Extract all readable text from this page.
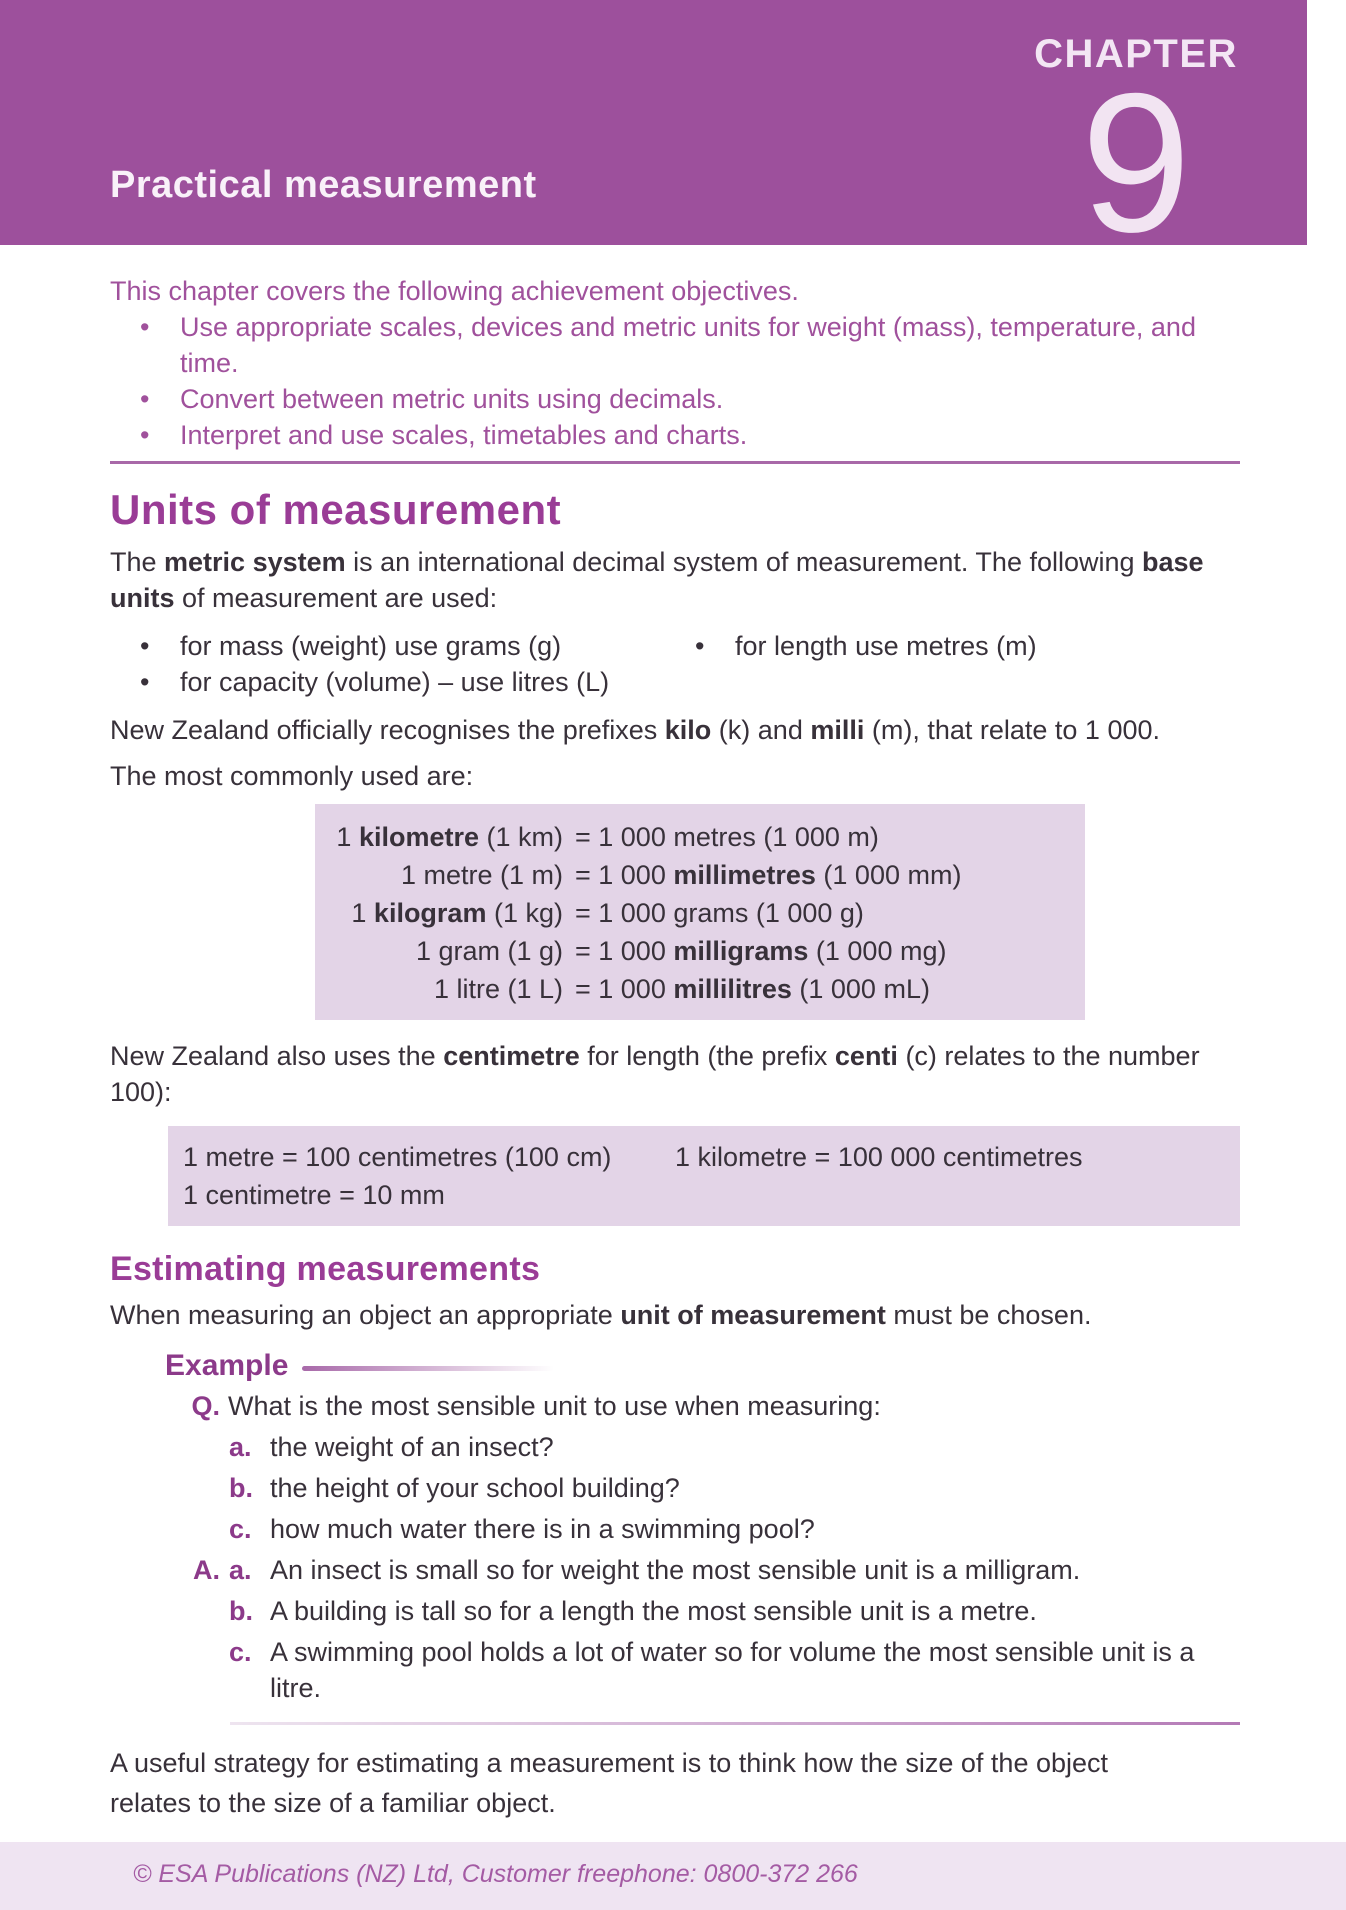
CHAPTER
9
Practical measurement

This chapter covers the following achievement objectives.

•	Use appropriate scales, devices and metric units for weight (mass), temperature, and time.
•	Convert between metric units using decimals.
•	Interpret and use scales, timetables and charts.
Units of measurement

The metric system is an international decimal system of measurement. The following base units of measurement are used:

•	for mass (weight) use grams (g)	•	for length use metres (m)
•	for capacity (volume) – use litres (L)

New Zealand officially recognises the prefixes kilo (k) and milli (m), that relate to 1 000.

The most commonly used are:

1 kilometre (1 km) = 1 000 metres (1 000 m)
1 metre (1 m) = 1 000 millimetres (1 000 mm)
1 kilogram (1 kg) = 1 000 grams (1 000 g)
1 gram (1 g) = 1 000 milligrams (1 000 mg)
1 litre (1 L) = 1 000 millilitres (1 000 mL)

New Zealand also uses the centimetre for length (the prefix centi (c) relates to the number 100):

1 metre = 100 centimetres (100 cm)	1 kilometre = 100 000 centimetres
1 centimetre = 10 mm
Estimating measurements

When measuring an object an appropriate unit of measurement must be chosen.

Example
Q. What is the most sensible unit to use when measuring:
a. the weight of an insect?
b. the height of your school building?
c. how much water there is in a swimming pool?
A. a. An insect is small so for weight the most sensible unit is a milligram.
b. A building is tall so for a length the most sensible unit is a metre.
c. A swimming pool holds a lot of water so for volume the most sensible unit is a litre.

A useful strategy for estimating a measurement is to think how the size of the object relates to the size of a familiar object.

© ESA Publications (NZ) Ltd, Customer freephone: 0800-372 266
